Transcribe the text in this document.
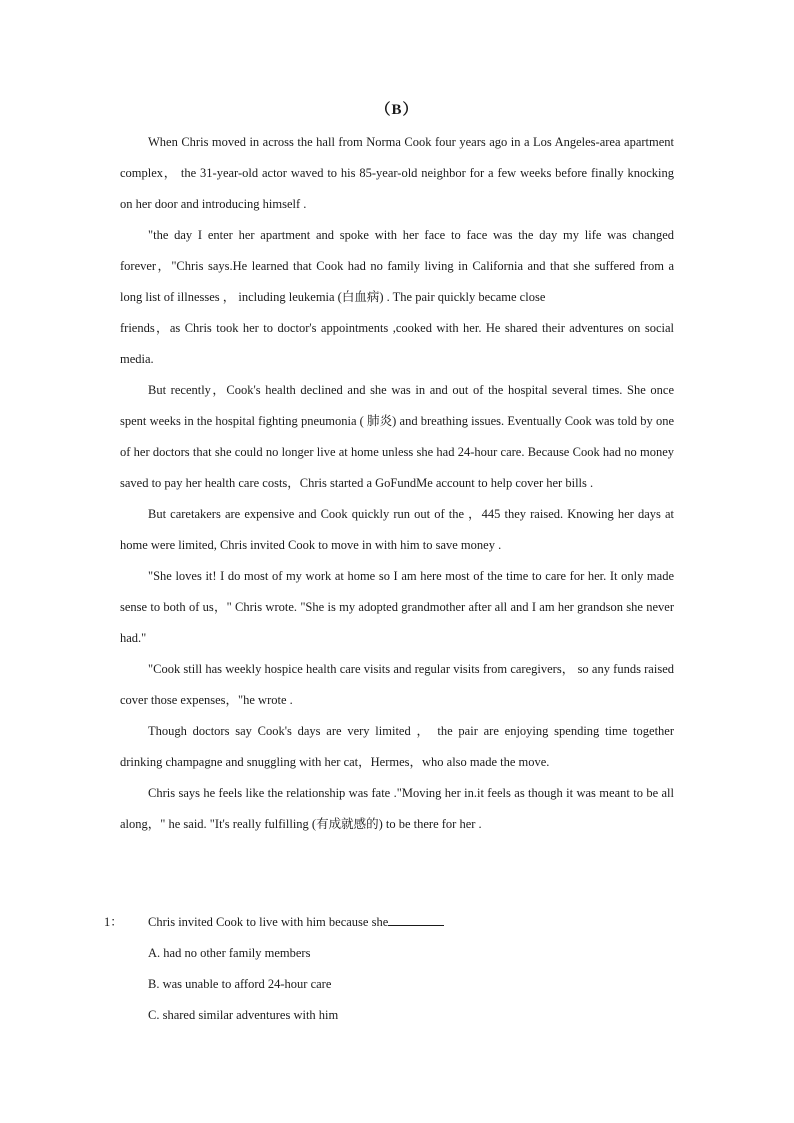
（B）

When Chris moved in across the hall from Norma Cook four years ago in a Los Angeles-area apartment complex， the 31-year-old actor waved to his 85-year-old neighbor for a few weeks before finally knocking on her door and introducing himself .

"the day I enter her apartment and spoke with her face to face was the day my life was changed forever，"Chris says.He learned that Cook had no family living in California and that she suffered from a long list of illnesses ， including leukemia (白血病) . The pair quickly became close

friends，as Chris took her to doctor's appointments ,cooked with her. He shared their adventures on social media.

But recently，Cook's health declined and she was in and out of the hospital several times. She once spent weeks in the hospital fighting pneumonia ( 肺炎) and breathing issues. Eventually Cook was told by one of her doctors that she could no longer live at home unless she had 24-hour care. Because Cook had no money saved to pay her health care costs，Chris started a GoFundMe account to help cover her bills .

But caretakers are expensive and Cook quickly run out of the ，445 they raised. Knowing her days at home were limited, Chris invited Cook to move in with him to save money .

"She loves it! I do most of my work at home so I am here most of the time to care for her. It only made sense to both of us，" Chris wrote. "She is my adopted grandmother after all and I am her grandson she never had."

"Cook still has weekly hospice health care visits and regular visits from caregivers， so any funds raised cover those expenses，"he wrote .

Though doctors say Cook's days are very limited ， the pair are enjoying spending time together drinking champagne and snuggling with her cat，Hermes，who also made the move.

Chris says he feels like the relationship was fate ."Moving her in.it feels as though it was meant to be all along，" he said. "It's really fulfilling (有成就感的) to be there for her .

1： Chris invited Cook to live with him because she

A. had no other family members

B. was unable to afford 24-hour care

C. shared similar adventures with him
